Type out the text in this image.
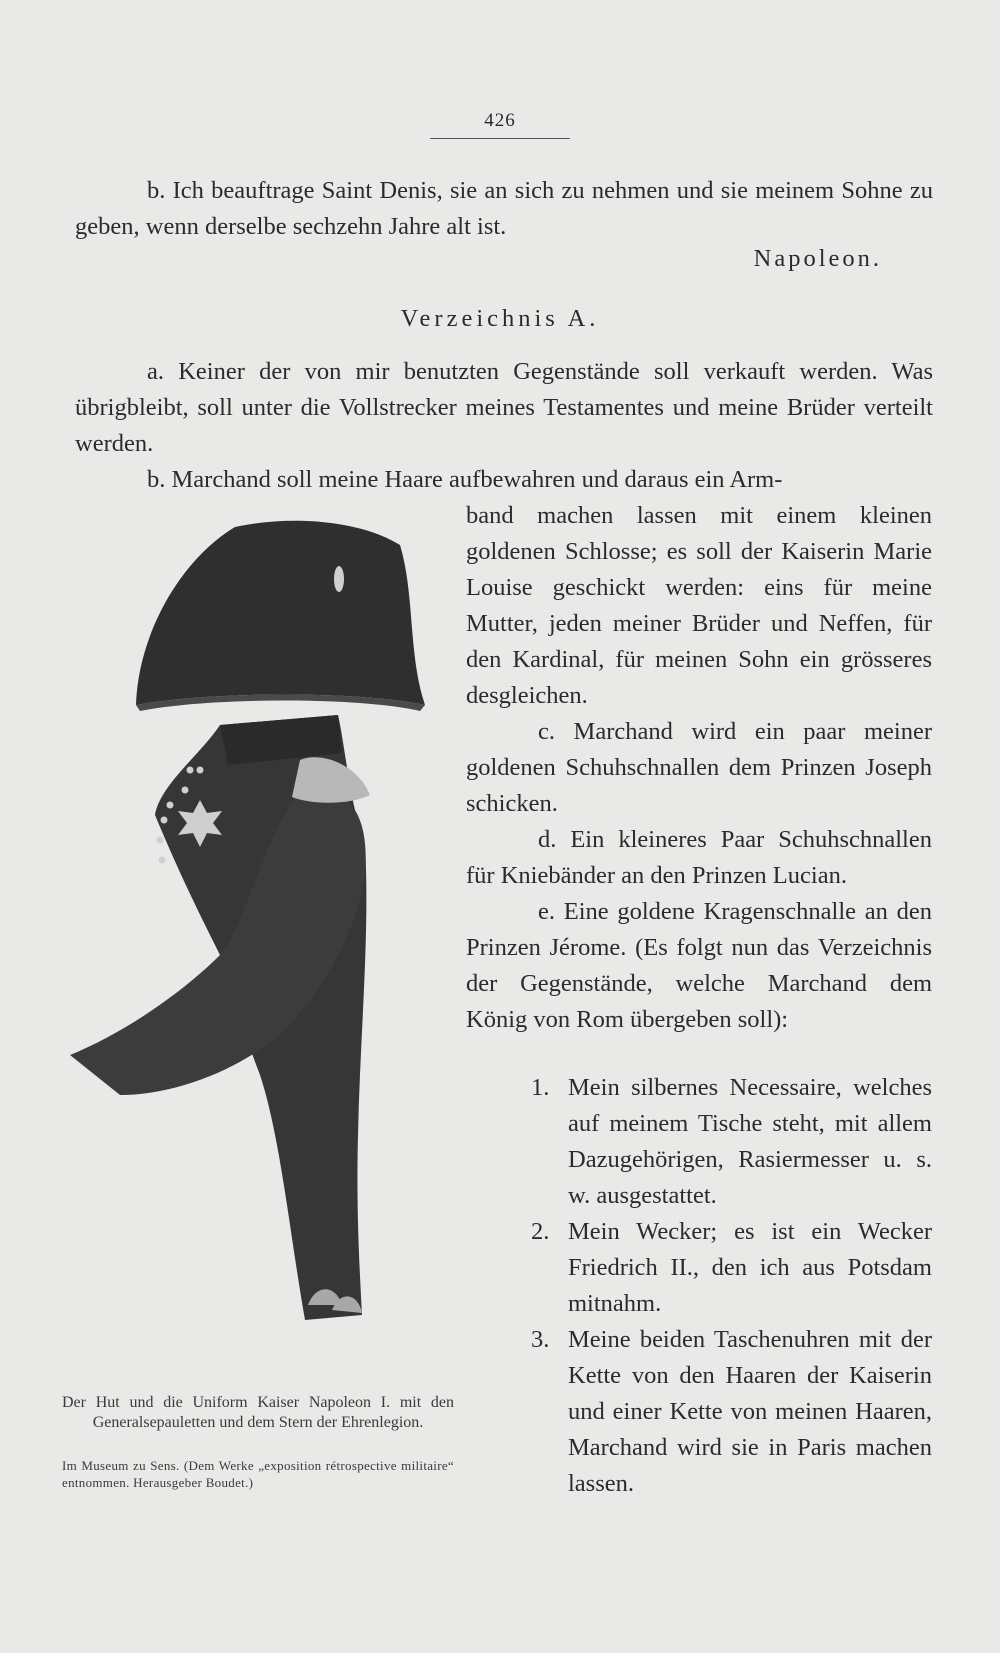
426

b. Ich beauftrage Saint Denis, sie an sich zu nehmen und sie meinem Sohne zu geben, wenn derselbe sechzehn Jahre alt ist.

Napoleon.
Verzeichnis A.

a. Keiner der von mir benutzten Gegenstände soll verkauft werden. Was übrigbleibt, soll unter die Vollstrecker meines Testamentes und meine Brüder verteilt werden.

b. Marchand soll meine Haare aufbewahren und daraus ein Arm-

band machen lassen mit einem kleinen goldenen Schlosse; es soll der Kaiserin Marie Louise geschickt werden: eins für meine Mutter, jeden meiner Brüder und Neffen, für den Kardinal, für meinen Sohn ein grösseres desgleichen.

c. Marchand wird ein paar meiner goldenen Schuhschnallen dem Prinzen Joseph schicken.

d. Ein kleineres Paar Schuhschnallen für Kniebänder an den Prinzen Lucian.

e. Eine goldene Kragenschnalle an den Prinzen Jérome. (Es folgt nun das Verzeichnis der Gegenstände, welche Marchand dem König von Rom übergeben soll):

1. Mein silbernes Necessaire, welches auf meinem Tische steht, mit allem Dazugehörigen, Rasiermesser u. s. w. ausgestattet.
2. Mein Wecker; es ist ein Wecker Friedrich II., den ich aus Potsdam mitnahm.
3. Meine beiden Taschenuhren mit der Kette von den Haaren der Kaiserin und einer Kette von meinen Haaren, Marchand wird sie in Paris machen lassen.
Der Hut und die Uniform Kaiser Napoleon I. mit den Generalsepauletten und dem Stern der Ehrenlegion.
Im Museum zu Sens. (Dem Werke „exposition rétrospective militaire“ entnommen. Herausgeber Boudet.)
